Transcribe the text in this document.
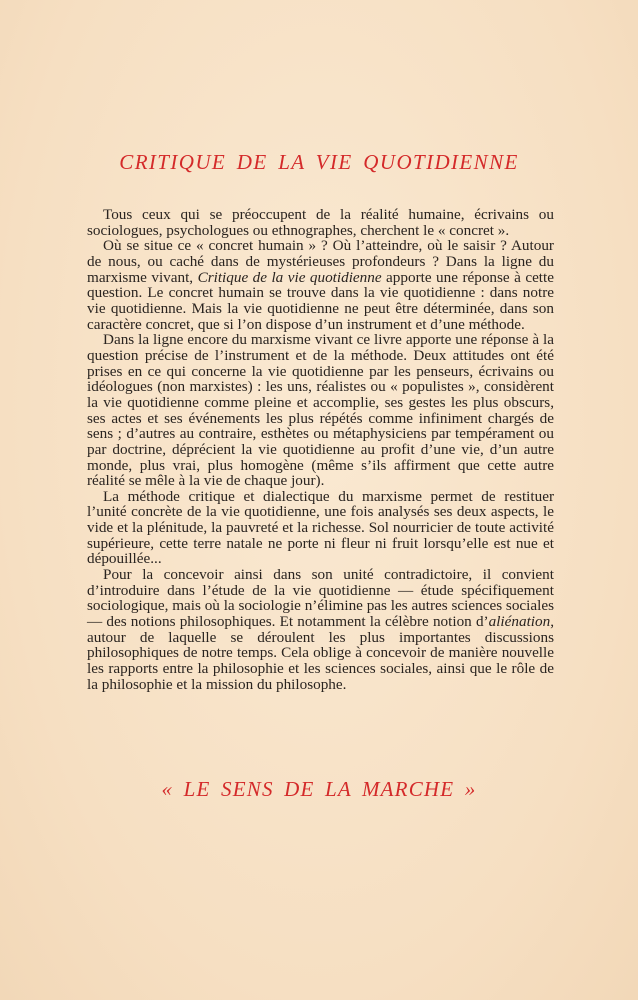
CRITIQUE DE LA VIE QUOTIDIENNE

Tous ceux qui se préoccupent de la réalité humaine, écrivains ou sociologues, psychologues ou ethnographes, cherchent le « concret ».

Où se situe ce « concret humain » ? Où l’atteindre, où le saisir ? Autour de nous, ou caché dans de mystérieuses profondeurs ? Dans la ligne du marxisme vivant, Critique de la vie quotidienne apporte une réponse à cette question. Le concret humain se trouve dans la vie quotidienne : dans notre vie quotidienne. Mais la vie quotidienne ne peut être déterminée, dans son caractère concret, que si l’on dispose d’un instrument et d’une méthode.

Dans la ligne encore du marxisme vivant ce livre apporte une réponse à la question précise de l’instrument et de la méthode. Deux attitudes ont été prises en ce qui concerne la vie quotidienne par les penseurs, écrivains ou idéologues (non marxistes) : les uns, réalistes ou « populistes », considèrent la vie quotidienne comme pleine et accomplie, ses gestes les plus obscurs, ses actes et ses événements les plus répétés comme infiniment chargés de sens ; d’autres au contraire, esthètes ou métaphysiciens par tempérament ou par doctrine, déprécient la vie quotidienne au profit d’une vie, d’un autre monde, plus vrai, plus homogène (même s’ils affirment que cette autre réalité se mêle à la vie de chaque jour).

La méthode critique et dialectique du marxisme permet de restituer l’unité concrète de la vie quotidienne, une fois analysés ses deux aspects, le vide et la plénitude, la pauvreté et la richesse. Sol nourricier de toute activité supérieure, cette terre natale ne porte ni fleur ni fruit lorsqu’elle est nue et dépouillée...

Pour la concevoir ainsi dans son unité contradictoire, il convient d’introduire dans l’étude de la vie quotidienne — étude spécifiquement sociologique, mais où la sociologie n’élimine pas les autres sciences sociales — des notions philosophiques. Et notamment la célèbre notion d’aliénation, autour de laquelle se déroulent les plus importantes discussions philosophiques de notre temps. Cela oblige à concevoir de manière nouvelle les rapports entre la philosophie et les sciences sociales, ainsi que le rôle de la philosophie et la mission du philosophe.

« LE SENS DE LA MARCHE »
